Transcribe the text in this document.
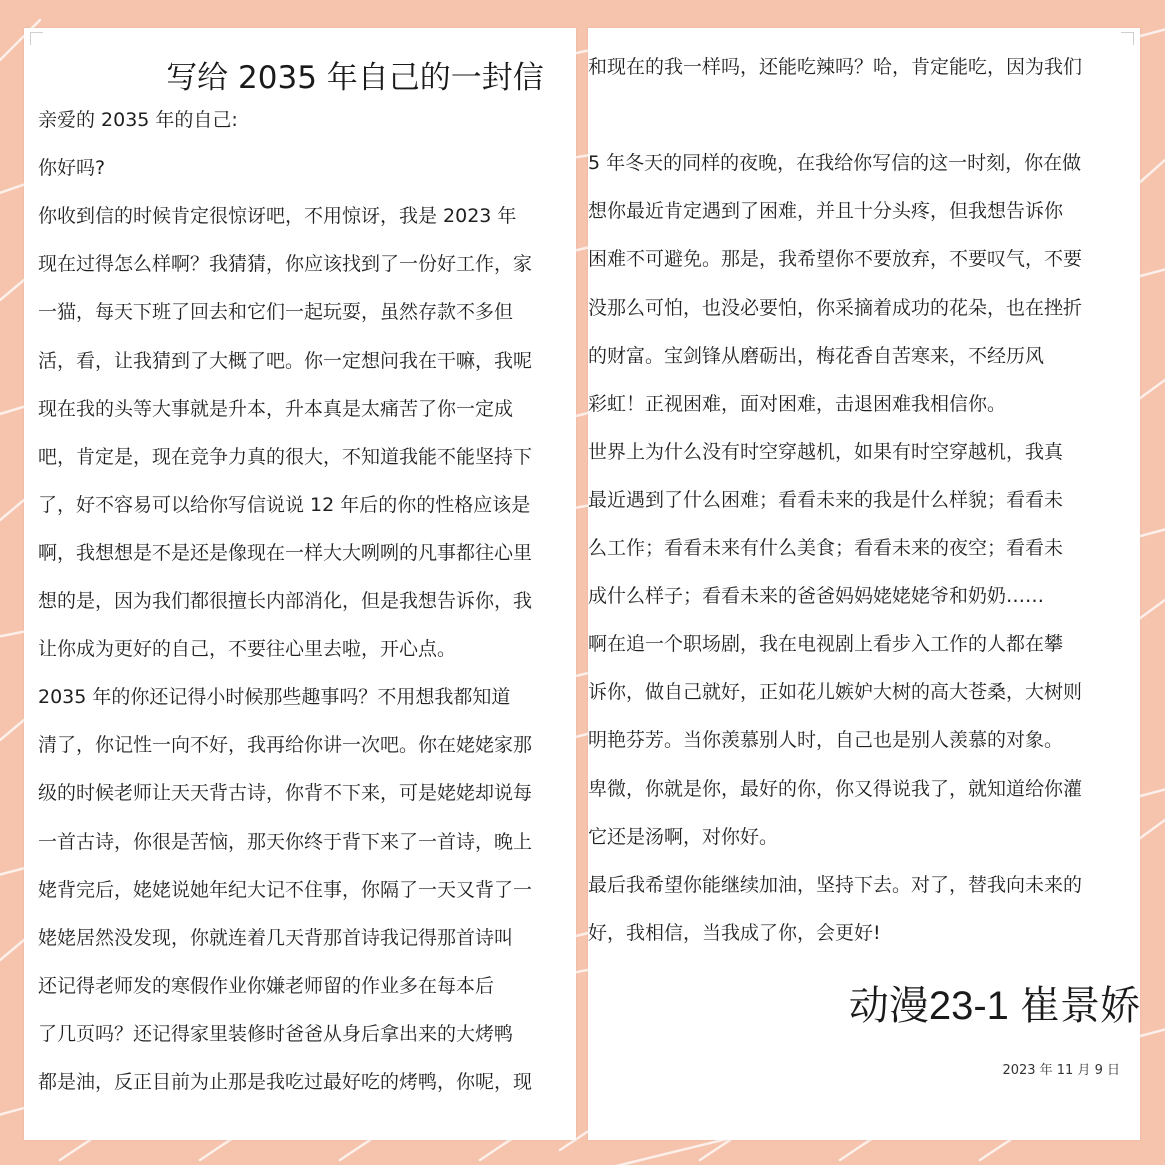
写给 2035 年自己的一封信
亲爱的 2035 年的自己:
你好吗?
你收到信的时候肯定很惊讶吧，不用惊讶，我是 2023 年
现在过得怎么样啊？我猜猜，你应该找到了一份好工作，家
一猫，每天下班了回去和它们一起玩耍，虽然存款不多但
活，看，让我猜到了大概了吧。你一定想问我在干嘛，我呢
现在我的头等大事就是升本，升本真是太痛苦了你一定成
吧，肯定是，现在竞争力真的很大，不知道我能不能坚持下
了，好不容易可以给你写信说说 12 年后的你的性格应该是
啊，我想想是不是还是像现在一样大大咧咧的凡事都往心里
想的是，因为我们都很擅长内部消化，但是我想告诉你，我
让你成为更好的自己，不要往心里去啦，开心点。
2035 年的你还记得小时候那些趣事吗？不用想我都知道
清了，你记性一向不好，我再给你讲一次吧。你在姥姥家那
级的时候老师让天天背古诗，你背不下来，可是姥姥却说每
一首古诗，你很是苦恼，那天你终于背下来了一首诗，晚上
姥背完后，姥姥说她年纪大记不住事，你隔了一天又背了一
姥姥居然没发现，你就连着几天背那首诗我记得那首诗叫
还记得老师发的寒假作业你嫌老师留的作业多在每本后
了几页吗？还记得家里装修时爸爸从身后拿出来的大烤鸭
都是油，反正目前为止那是我吃过最好吃的烤鸭，你呢，现
和现在的我一样吗，还能吃辣吗？哈，肯定能吃，因为我们
5 年冬天的同样的夜晚，在我给你写信的这一时刻，你在做
想你最近肯定遇到了困难，并且十分头疼，但我想告诉你
困难不可避免。那是，我希望你不要放弃，不要叹气，不要
没那么可怕，也没必要怕，你采摘着成功的花朵，也在挫折
的财富。宝剑锋从磨砺出，梅花香自苦寒来，不经历风
彩虹！正视困难，面对困难，击退困难我相信你。
世界上为什么没有时空穿越机，如果有时空穿越机，我真
最近遇到了什么困难；看看未来的我是什么样貌；看看未
么工作；看看未来有什么美食；看看未来的夜空；看看未
成什么样子；看看未来的爸爸妈妈姥姥姥爷和奶奶……
啊在追一个职场剧，我在电视剧上看步入工作的人都在攀
诉你，做自己就好，正如花儿嫉妒大树的高大苍桑，大树则
明艳芬芳。当你羡慕别人时，自己也是别人羡慕的对象。
卑微，你就是你，最好的你，你又得说我了，就知道给你灌
它还是汤啊，对你好。
最后我希望你能继续加油，坚持下去。对了，替我向未来的
好，我相信，当我成了你，会更好!
动漫23-1 崔景娇
2023 年 11 月 9 日
